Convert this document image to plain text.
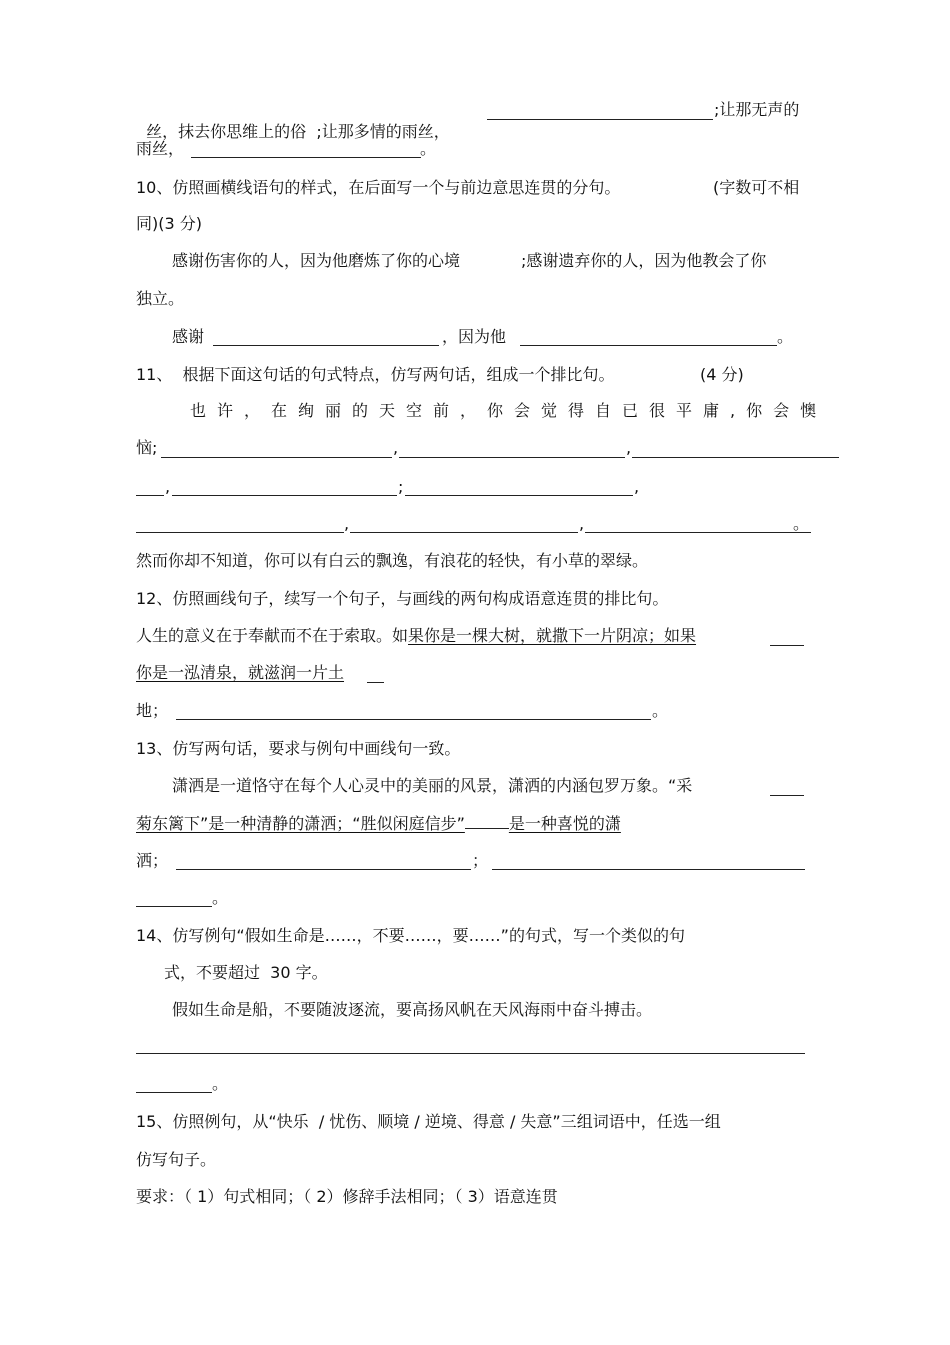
丝，抹去你思维上的俗  ;让那多情的雨丝，

;让那无声的
雨丝，	。
10、仿照画横线语句的样式，在后面写一个与前边意思连贯的分句。	(字数可不相
同)(3 分)
感谢伤害你的人，因为他磨炼了你的心境	;感谢遗弃你的人，因为他教会了你
独立。
感谢	，因为他	。
11、  根据下面这句话的句式特点，仿写两句话，组成一个排比句。	(4 分)
也许，在绚丽的天空前，你会觉得自已很平庸,你会懊
恼;	,	,
,	;	,
,	,	。
然而你却不知道，你可以有白云的飘逸，有浪花的轻快，有小草的翠绿。
12、仿照画线句子，续写一个句子，与画线的两句构成语意连贯的排比句。
人生的意义在于奉献而不在于索取。如果你是一棵大树，就撒下一片阴凉；如果
你是一泓清泉，就滋润一片土
地；	。
13、仿写两句话，要求与例句中画线句一致。
潇洒是一道恪守在每个人心灵中的美丽的风景，潇洒的内涵包罗万象。“采
菊东篱下”是一种清静的潇洒；“胜似闲庭信步”	是一种喜悦的潇
洒；	；
。
14、仿写例句“假如生命是……，不要……，要……”的句式，写一个类似的句
式，不要超过  30 字。
假如生命是船，不要随波逐流，要高扬风帆在天风海雨中奋斗搏击。
。
15、仿照例句，从“快乐  / 忧伤、顺境 / 逆境、得意 / 失意”三组词语中，任选一组
仿写句子。
要求：（ 1）句式相同；（ 2）修辞手法相同；（ 3）语意连贯
